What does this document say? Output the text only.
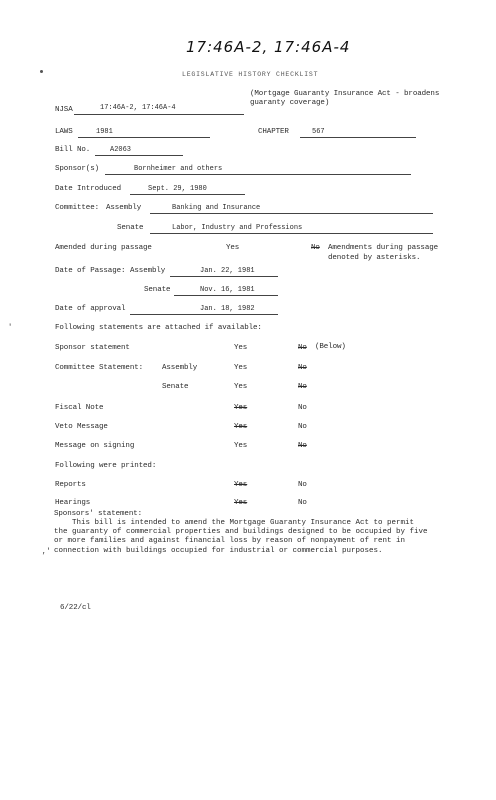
17:46A-2, 17:46A-4
LEGISLATIVE HISTORY CHECKLIST
NJSA	17:46A-2, 17:46A-4
(Mortgage Guaranty Insurance Act - broadens
guaranty coverage)
LAWS	1981	CHAPTER	567
Bill No.	A2063
Sponsor(s)	Bornheimer and others
Date Introduced	Sept. 29, 1980
Committee: Assembly	Banking and Insurance
Senate	Labor, Industry and Professions
Amended during passage	Yes	No Amendments during passage
denoted by asterisks.
Date of Passage: Assembly	Jan. 22, 1981
Senate	Nov. 16, 1981
Date of approval	Jan. 18, 1982
'	Following statements are attached if available:
Sponsor statement	Yes	No (Below)
Committee Statement:	Assembly	Yes	No
Senate	Yes	No
Fiscal Note	Yes	No
Veto Message	Yes	No
Message on signing	Yes	No
Following were printed:
Reports	Yes	No
Hearings	Yes	No
Sponsors' statement:
This bill is intended to amend the Mortgage Guaranty Insurance Act to permit
the guaranty of commercial properties and buildings designed to be occupied by five
or more families and against financial loss by reason of nonpayment of rent in
connection with buildings occupied for industrial or commercial purposes.
,'
6/22/cl
